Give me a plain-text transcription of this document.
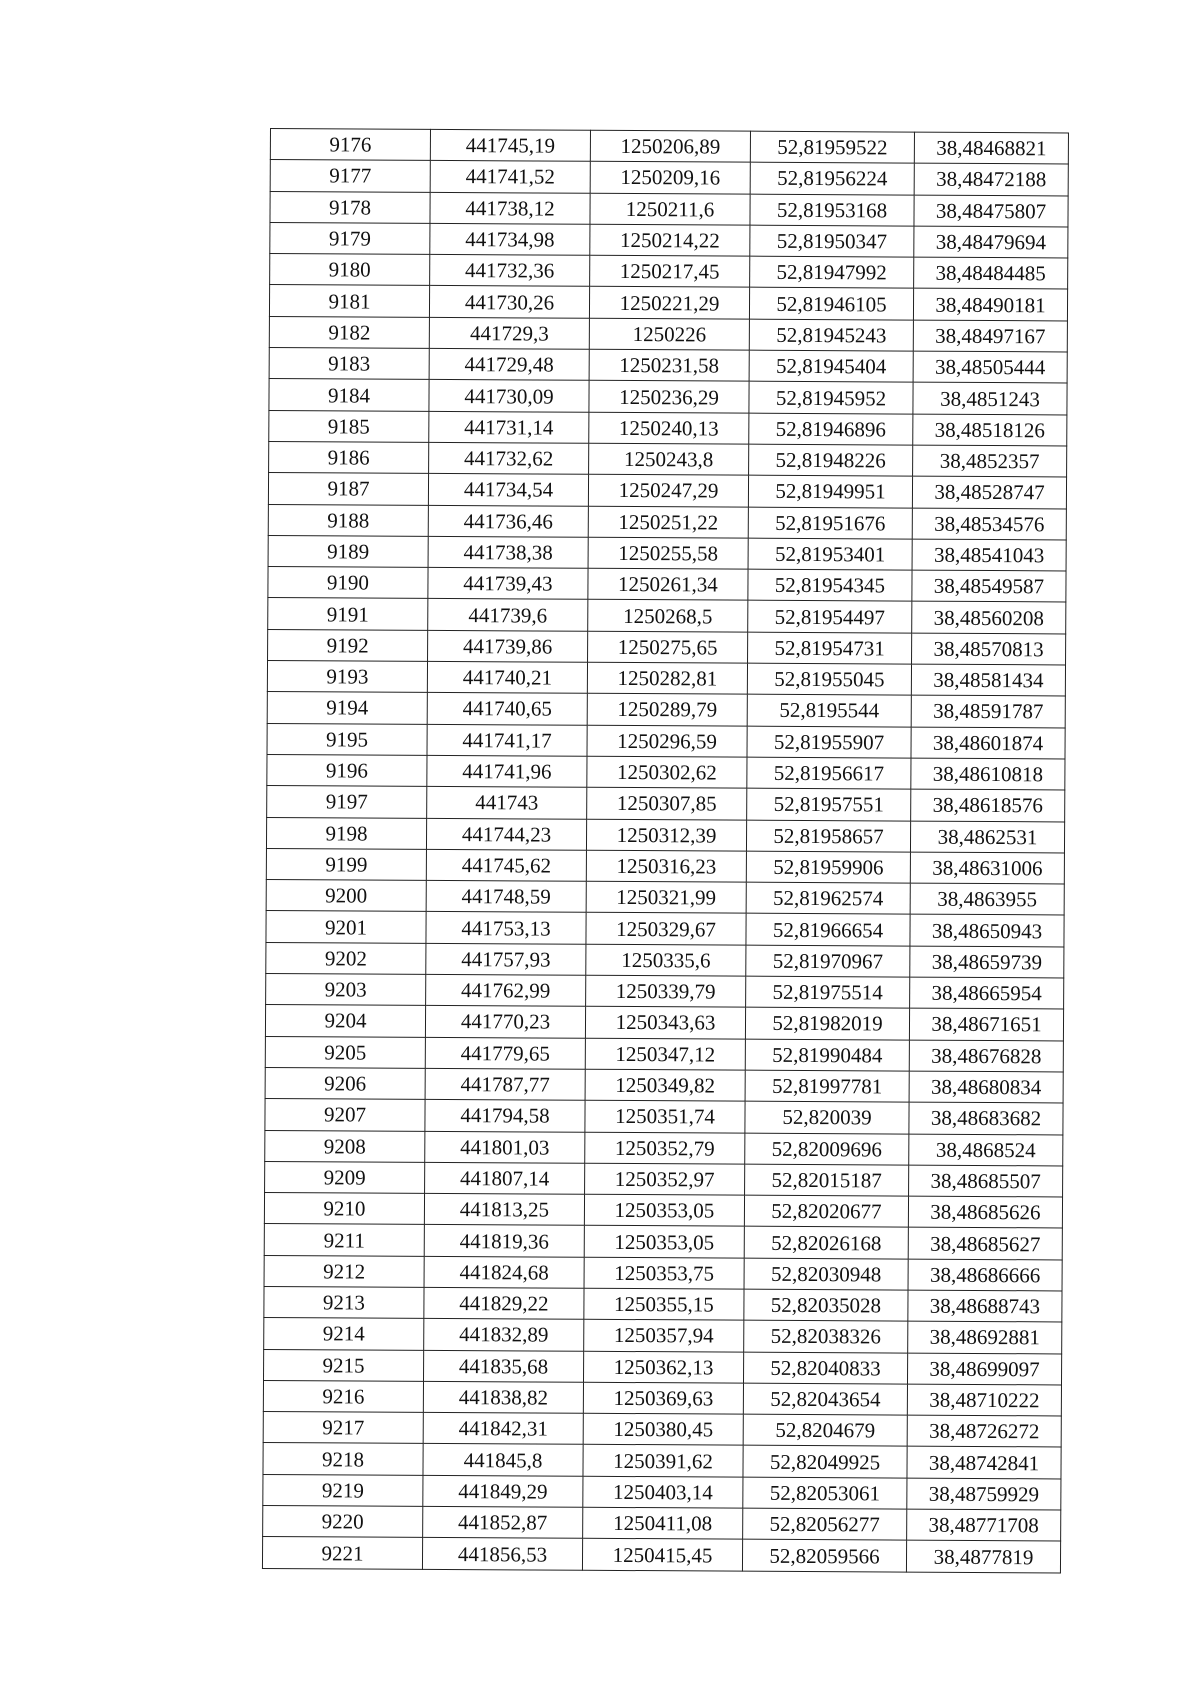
9176	441745,19	1250206,89	52,81959522	38,48468821
9177	441741,52	1250209,16	52,81956224	38,48472188
9178	441738,12	1250211,6	52,81953168	38,48475807
9179	441734,98	1250214,22	52,81950347	38,48479694
9180	441732,36	1250217,45	52,81947992	38,48484485
9181	441730,26	1250221,29	52,81946105	38,48490181
9182	441729,3	1250226	52,81945243	38,48497167
9183	441729,48	1250231,58	52,81945404	38,48505444
9184	441730,09	1250236,29	52,81945952	38,4851243
9185	441731,14	1250240,13	52,81946896	38,48518126
9186	441732,62	1250243,8	52,81948226	38,4852357
9187	441734,54	1250247,29	52,81949951	38,48528747
9188	441736,46	1250251,22	52,81951676	38,48534576
9189	441738,38	1250255,58	52,81953401	38,48541043
9190	441739,43	1250261,34	52,81954345	38,48549587
9191	441739,6	1250268,5	52,81954497	38,48560208
9192	441739,86	1250275,65	52,81954731	38,48570813
9193	441740,21	1250282,81	52,81955045	38,48581434
9194	441740,65	1250289,79	52,8195544	38,48591787
9195	441741,17	1250296,59	52,81955907	38,48601874
9196	441741,96	1250302,62	52,81956617	38,48610818
9197	441743	1250307,85	52,81957551	38,48618576
9198	441744,23	1250312,39	52,81958657	38,4862531
9199	441745,62	1250316,23	52,81959906	38,48631006
9200	441748,59	1250321,99	52,81962574	38,4863955
9201	441753,13	1250329,67	52,81966654	38,48650943
9202	441757,93	1250335,6	52,81970967	38,48659739
9203	441762,99	1250339,79	52,81975514	38,48665954
9204	441770,23	1250343,63	52,81982019	38,48671651
9205	441779,65	1250347,12	52,81990484	38,48676828
9206	441787,77	1250349,82	52,81997781	38,48680834
9207	441794,58	1250351,74	52,820039	38,48683682
9208	441801,03	1250352,79	52,82009696	38,4868524
9209	441807,14	1250352,97	52,82015187	38,48685507
9210	441813,25	1250353,05	52,82020677	38,48685626
9211	441819,36	1250353,05	52,82026168	38,48685627
9212	441824,68	1250353,75	52,82030948	38,48686666
9213	441829,22	1250355,15	52,82035028	38,48688743
9214	441832,89	1250357,94	52,82038326	38,48692881
9215	441835,68	1250362,13	52,82040833	38,48699097
9216	441838,82	1250369,63	52,82043654	38,48710222
9217	441842,31	1250380,45	52,8204679	38,48726272
9218	441845,8	1250391,62	52,82049925	38,48742841
9219	441849,29	1250403,14	52,82053061	38,48759929
9220	441852,87	1250411,08	52,82056277	38,48771708
9221	441856,53	1250415,45	52,82059566	38,4877819
